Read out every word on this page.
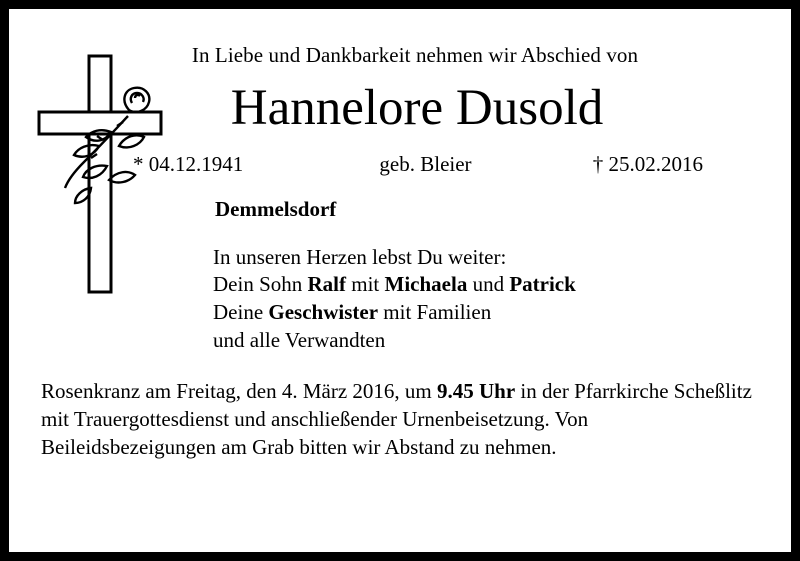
In Liebe und Dankbarkeit nehmen wir Abschied von
Hannelore Dusold
* 04.12.1941	geb. Bleier	† 25.02.2016
Demmelsdorf
In unseren Herzen lebst Du weiter:
Dein Sohn Ralf mit Michaela und Patrick
Deine Geschwister mit Familien
und alle Verwandten
Rosenkranz am Freitag, den 4. März 2016, um 9.45 Uhr in der Pfarrkirche Scheßlitz mit Trauergottesdienst und anschließender Urnenbeisetzung. Von Beileidsbezeigungen am Grab bitten wir Abstand zu nehmen.
